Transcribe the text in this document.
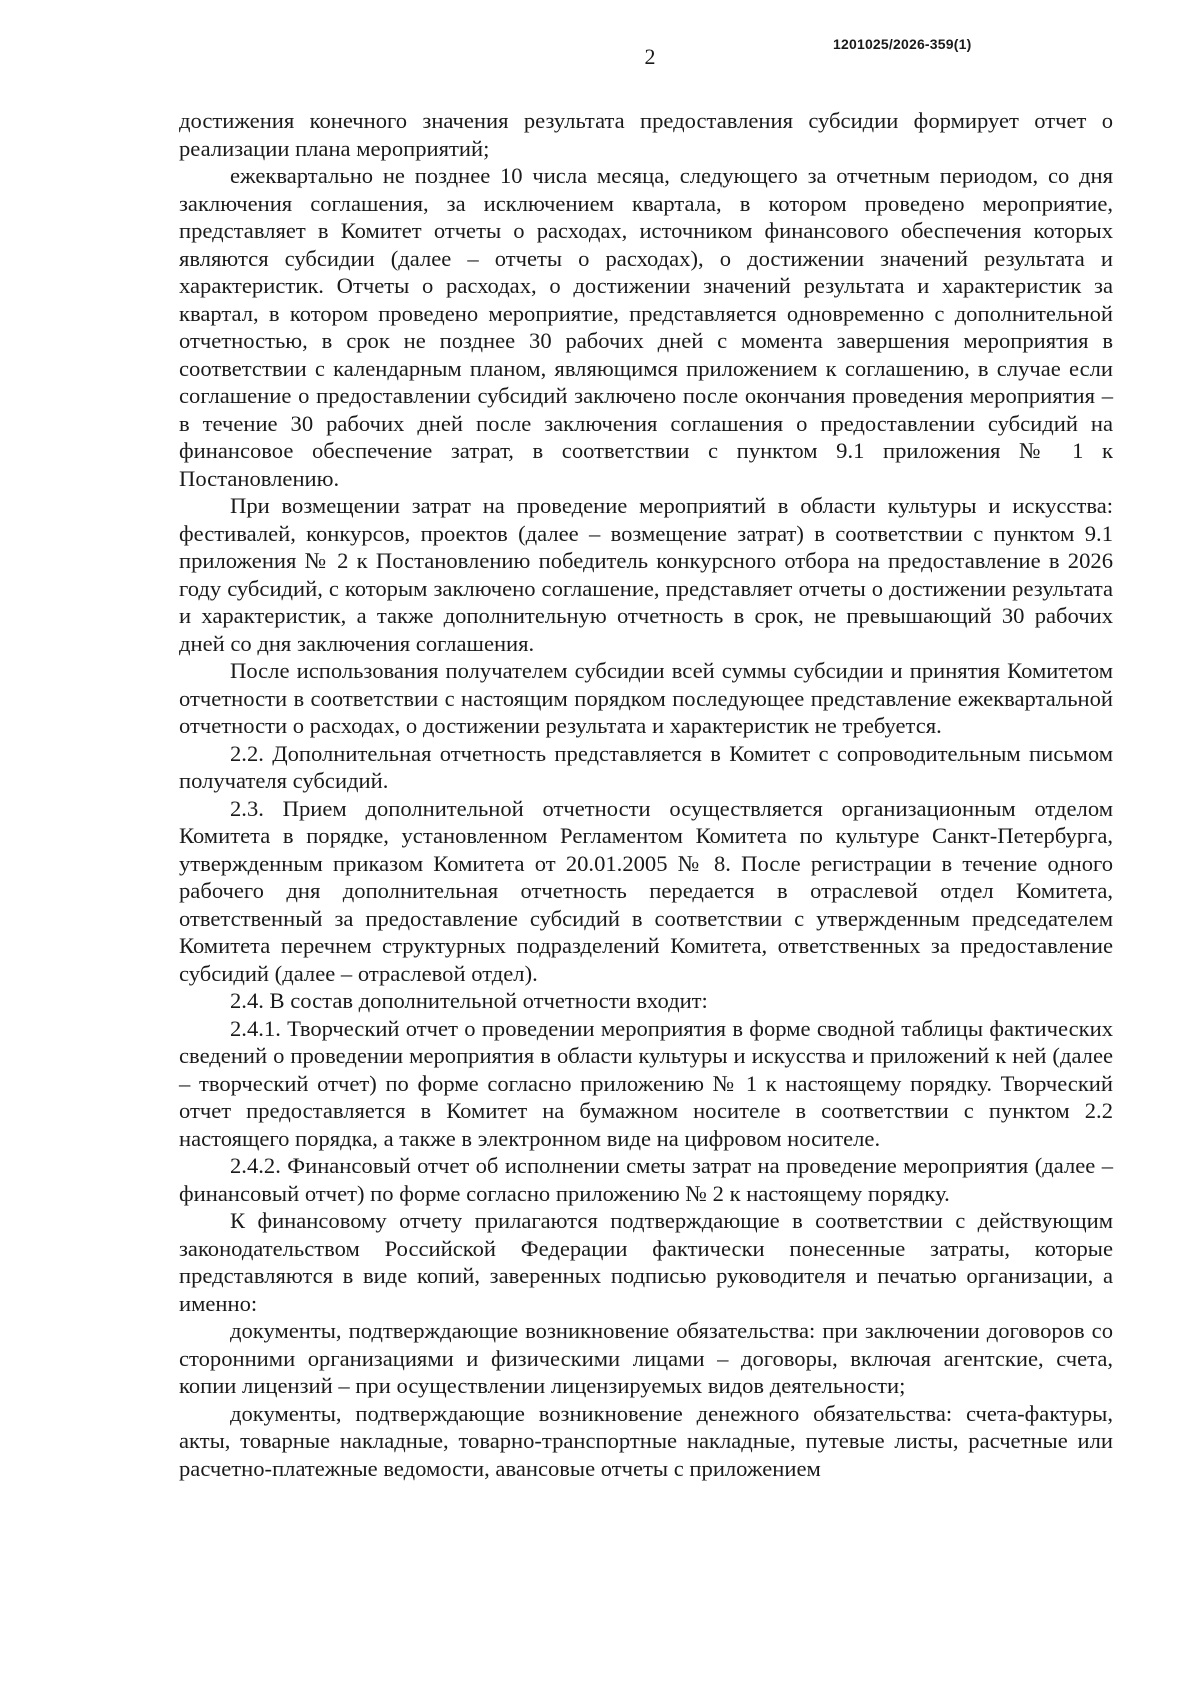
2	1201025/2026-359(1)

достижения конечного значения результата предоставления субсидии формирует отчет о реализации плана мероприятий;

ежеквартально не позднее 10 числа месяца, следующего за отчетным периодом, со дня заключения соглашения, за исключением квартала, в котором проведено мероприятие, представляет в Комитет отчеты о расходах, источником финансового обеспечения которых являются субсидии (далее – отчеты о расходах), о достижении значений результата и характеристик. Отчеты о расходах, о достижении значений результата и характеристик за квартал, в котором проведено мероприятие, представляется одновременно с дополнительной отчетностью, в срок не позднее 30 рабочих дней с момента завершения мероприятия в соответствии с календарным планом, являющимся приложением к соглашению, в случае если соглашение о предоставлении субсидий заключено после окончания проведения мероприятия – в течение 30 рабочих дней после заключения соглашения о предоставлении субсидий на финансовое обеспечение затрат, в соответствии с пунктом 9.1 приложения № 1 к Постановлению.

При возмещении затрат на проведение мероприятий в области культуры и искусства: фестивалей, конкурсов, проектов (далее – возмещение затрат) в соответствии с пунктом 9.1 приложения № 2 к Постановлению победитель конкурсного отбора на предоставление в 2026 году субсидий, с которым заключено соглашение, представляет отчеты о достижении результата и характеристик, а также дополнительную отчетность в срок, не превышающий 30 рабочих дней со дня заключения соглашения.

После использования получателем субсидии всей суммы субсидии и принятия Комитетом отчетности в соответствии с настоящим порядком последующее представление ежеквартальной отчетности о расходах, о достижении результата и характеристик не требуется.

2.2. Дополнительная отчетность представляется в Комитет с сопроводительным письмом получателя субсидий.

2.3. Прием дополнительной отчетности осуществляется организационным отделом Комитета в порядке, установленном Регламентом Комитета по культуре Санкт-Петербурга, утвержденным приказом Комитета от 20.01.2005 № 8. После регистрации в течение одного рабочего дня дополнительная отчетность передается в отраслевой отдел Комитета, ответственный за предоставление субсидий в соответствии с утвержденным председателем Комитета перечнем структурных подразделений Комитета, ответственных за предоставление субсидий (далее – отраслевой отдел).

2.4. В состав дополнительной отчетности входит:

2.4.1. Творческий отчет о проведении мероприятия в форме сводной таблицы фактических сведений о проведении мероприятия в области культуры и искусства и приложений к ней (далее – творческий отчет) по форме согласно приложению № 1 к настоящему порядку. Творческий отчет предоставляется в Комитет на бумажном носителе в соответствии с пунктом 2.2 настоящего порядка, а также в электронном виде на цифровом носителе.

2.4.2. Финансовый отчет об исполнении сметы затрат на проведение мероприятия (далее – финансовый отчет) по форме согласно приложению № 2 к настоящему порядку.

К финансовому отчету прилагаются подтверждающие в соответствии с действующим законодательством Российской Федерации фактически понесенные затраты, которые представляются в виде копий, заверенных подписью руководителя и печатью организации, а именно:

документы, подтверждающие возникновение обязательства: при заключении договоров со сторонними организациями и физическими лицами – договоры, включая агентские, счета, копии лицензий – при осуществлении лицензируемых видов деятельности;

документы, подтверждающие возникновение денежного обязательства: счета-фактуры, акты, товарные накладные, товарно-транспортные накладные, путевые листы, расчетные или расчетно-платежные ведомости, авансовые отчеты с приложением
